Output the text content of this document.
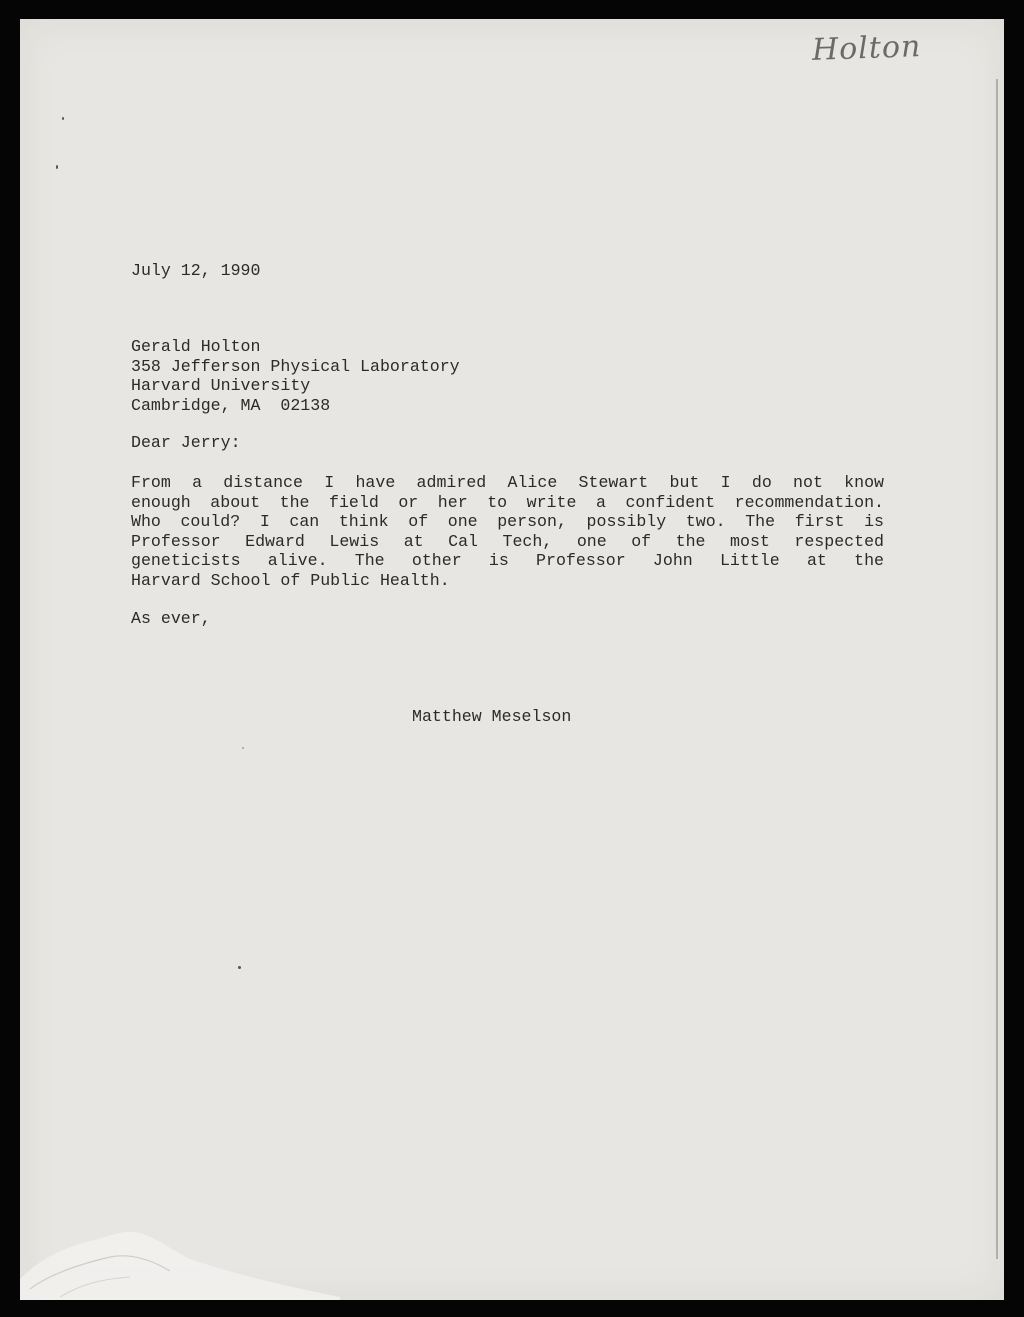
Holton
July 12, 1990
Gerald Holton
358 Jefferson Physical Laboratory
Harvard University
Cambridge, MA  02138
Dear Jerry:
From a distance I have admired Alice Stewart but I do not know
enough about the field or her to write a confident recommendation.
Who could? I can think of one person, possibly two. The first is
Professor Edward Lewis at Cal Tech, one of the most respected
geneticists alive. The other is Professor John Little at the
Harvard School of Public Health.
As ever,
Matthew Meselson
